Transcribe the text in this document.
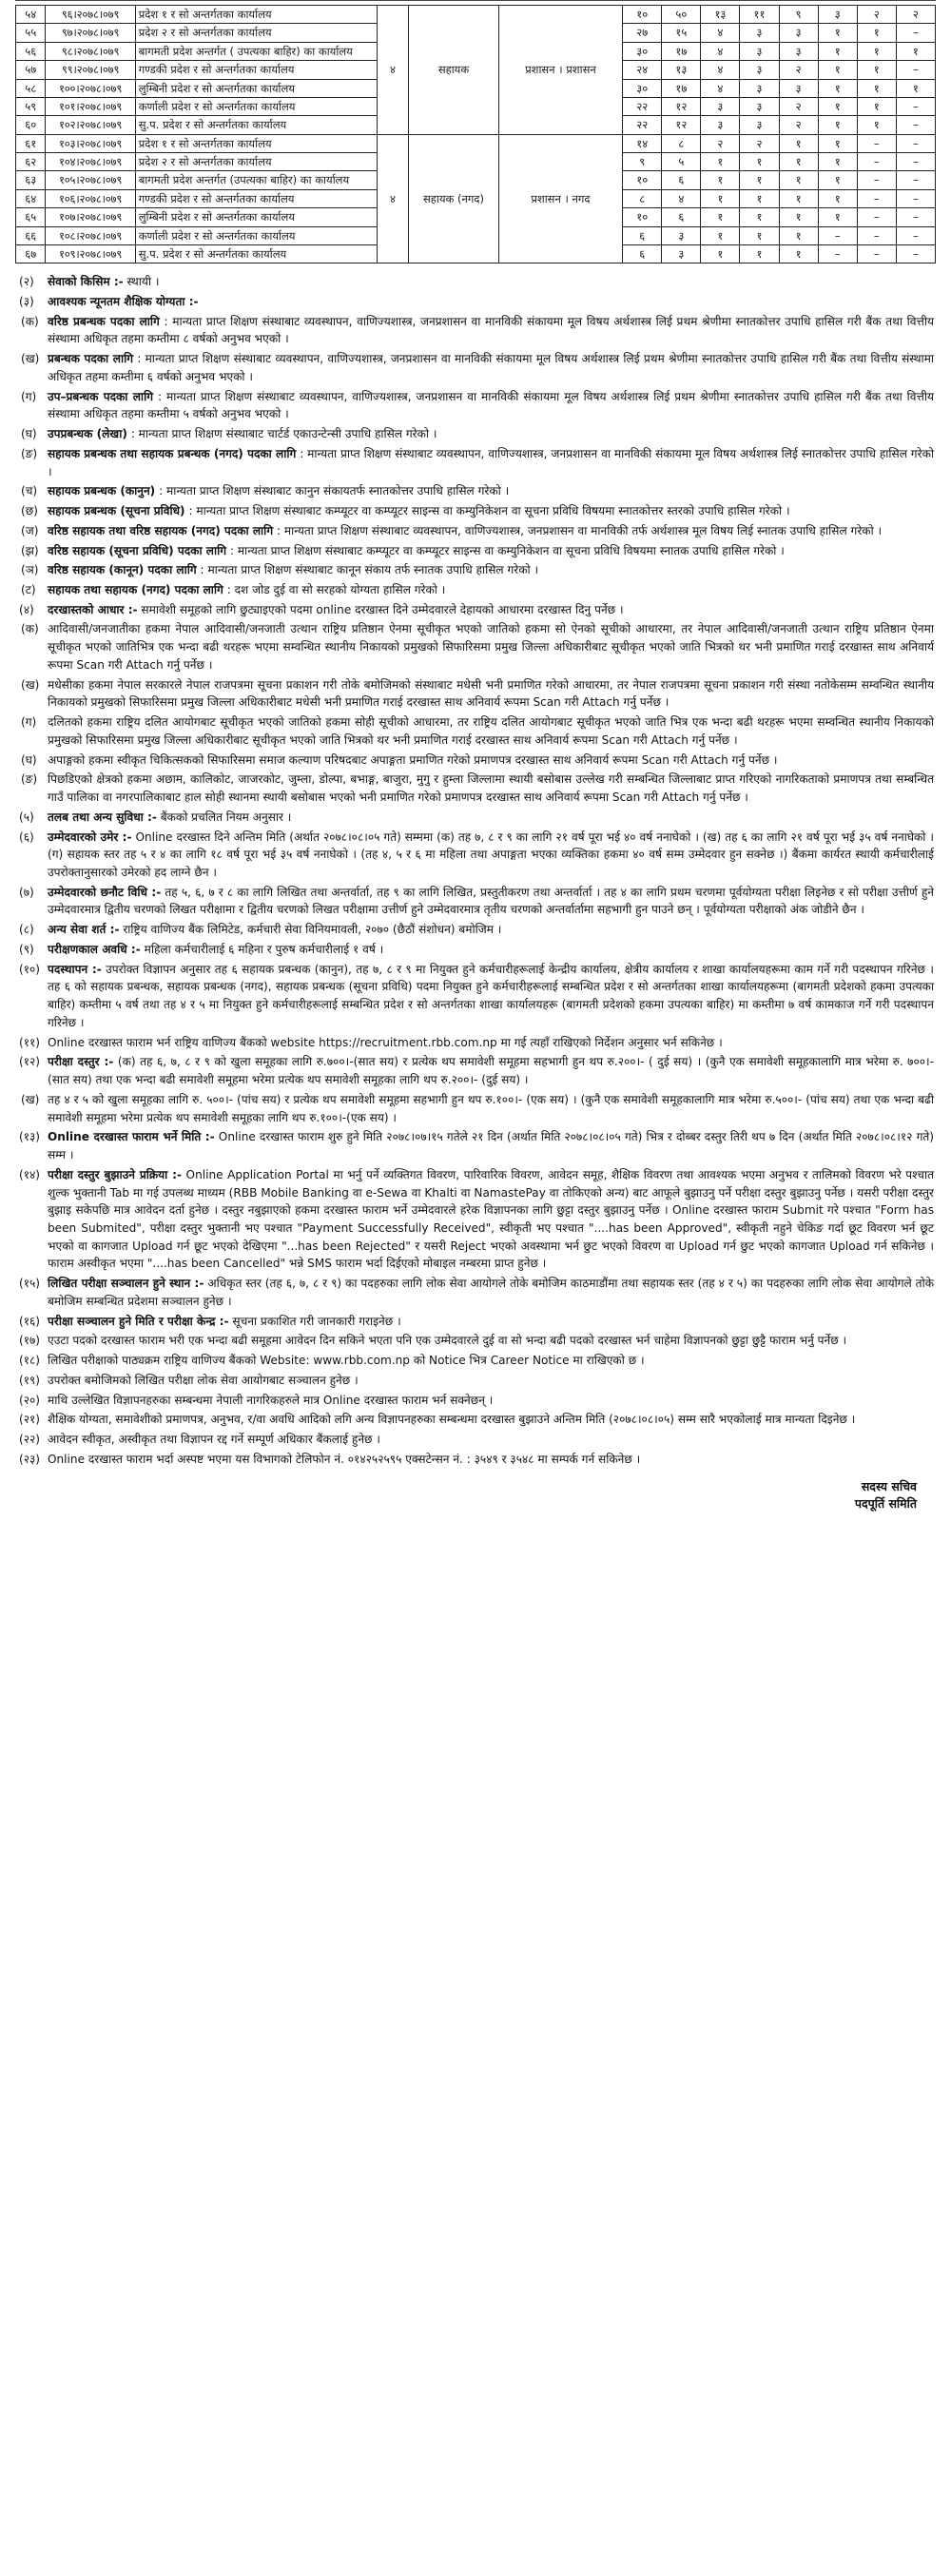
५४	९६।२०७८।०७९	प्रदेश १ र सो अन्तर्गतका कार्यालय	४	सहायक	प्रशासन । प्रशासन	१०	५०	१३	११	९	३	२	२
५५	९७।२०७८।०७९	प्रदेश २ र सो अन्तर्गतका कार्यालय				२७	१५	४	३	३	१	१	–
५६	९८।२०७८।०७९	बागमती प्रदेश अन्तर्गत ( उपत्यका बाहिर) का कार्यालय				३०	१७	४	३	३	१	१	१
५७	९९।२०७८।०७९	गण्डकी प्रदेश र सो अन्तर्गतका कार्यालय				२४	१३	४	३	२	१	१	–
५८	१००।२०७८।०७९	लुम्बिनी प्रदेश र सो अन्तर्गतका कार्यालय				३०	१७	४	३	३	१	१	१
५९	१०१।२०७८।०७९	कर्णाली प्रदेश र सो अन्तर्गतका कार्यालय				२२	१२	३	३	२	१	१	–
६०	१०२।२०७८।०७९	सु.प. प्रदेश र सो अन्तर्गतका कार्यालय				२२	१२	३	३	२	१	१	–
६१	१०३।२०७८।०७९	प्रदेश १ र सो अन्तर्गतका कार्यालय	४	सहायक (नगद)	प्रशासन । नगद	१४	८	२	२	१	१	–	–
६२	१०४।२०७८।०७९	प्रदेश २ र सो अन्तर्गतका कार्यालय				९	५	१	१	१	१	–	–
६३	१०५।२०७८।०७९	बागमती प्रदेश अन्तर्गत (उपत्यका बाहिर) का कार्यालय				१०	६	१	१	१	१	–	–
६४	१०६।२०७८।०७९	गण्डकी प्रदेश र सो अन्तर्गतका कार्यालय				८	४	१	१	१	१	–	–
६५	१०७।२०७८।०७९	लुम्बिनी प्रदेश र सो अन्तर्गतका कार्यालय				१०	६	१	१	१	१	–	–
६६	१०८।२०७८।०७९	कर्णाली प्रदेश र सो अन्तर्गतका कार्यालय				६	३	१	१	१	–	–	–
६७	१०९।२०७८।०७९	सु.प. प्रदेश र सो अन्तर्गतका कार्यालय				६	३	१	१	१	–	–	–
(२)	सेवाको किसिम :- स्थायी ।
(३)	आवश्यक न्यूनतम शैक्षिक योग्यता :-
(क) वरिष्ठ प्रबन्धक पदका लागि : मान्यता प्राप्त शिक्षण संस्थाबाट व्यवस्थापन, वाणिज्यशास्त्र, जनप्रशासन वा मानविकी संकायमा मूल विषय अर्थशास्त्र लिई प्रथम श्रेणीमा स्नातकोत्तर उपाधि हासिल गरी बैंक तथा वित्तीय संस्थामा अधिकृत तहमा कम्तीमा ८ वर्षको अनुभव भएको ।
(ख) प्रबन्धक पदका लागि : मान्यता प्राप्त शिक्षण संस्थाबाट व्यवस्थापन, वाणिज्यशास्त्र, जनप्रशासन वा मानविकी संकायमा मूल विषय अर्थशास्त्र लिई प्रथम श्रेणीमा स्नातकोत्तर उपाधि हासिल गरी बैंक तथा वित्तीय संस्थामा अधिकृत तहमा कम्तीमा ६ वर्षको अनुभव भएको ।
(ग) उप–प्रबन्धक पदका लागि : मान्यता प्राप्त शिक्षण संस्थाबाट व्यवस्थापन, वाणिज्यशास्त्र, जनप्रशासन वा मानविकी संकायमा मूल विषय अर्थशास्त्र लिई प्रथम श्रेणीमा स्नातकोत्तर उपाधि हासिल गरी बैंक तथा वित्तीय संस्थामा अधिकृत तहमा कम्तीमा ५ वर्षको अनुभव भएको ।
(घ) उपप्रबन्धक (लेखा) : मान्यता प्राप्त शिक्षण संस्थाबाट चार्टर्ड एकाउन्टेन्सी उपाधि हासिल गरेको ।
(ङ) सहायक प्रबन्धक तथा सहायक प्रबन्धक (नगद) पदका लागि : मान्यता प्राप्त शिक्षण संस्थाबाट व्यवस्थापन, वाणिज्यशास्त्र, जनप्रशासन वा मानविकी संकायमा मूल विषय अर्थशास्त्र लिई स्नातकोत्तर उपाधि हासिल गरेको ।
(च) सहायक प्रबन्धक (कानुन) : मान्यता प्राप्त शिक्षण संस्थाबाट कानुन संकायतर्फ स्नातकोत्तर उपाधि हासिल गरेको ।
(छ) सहायक प्रबन्धक (सूचना प्रविधि) : मान्यता प्राप्त शिक्षण संस्थाबाट कम्प्यूटर वा कम्प्यूटर साइन्स वा कम्युनिकेशन वा सूचना प्रविधि विषयमा स्नातकोत्तर स्तरको उपाधि हासिल गरेको ।
(ज) वरिष्ठ सहायक तथा वरिष्ठ सहायक (नगद) पदका लागि : मान्यता प्राप्त शिक्षण संस्थाबाट व्यवस्थापन, वाणिज्यशास्त्र, जनप्रशासन वा मानविकी तर्फ अर्थशास्त्र मूल विषय लिई स्नातक उपाधि हासिल गरेको ।
(झ) वरिष्ठ सहायक (सूचना प्रविधि) पदका लागि : मान्यता प्राप्त शिक्षण संस्थाबाट कम्प्यूटर वा कम्प्यूटर साइन्स वा कम्युनिकेशन वा सूचना प्रविधि विषयमा स्नातक उपाधि हासिल गरेको ।
(ञ) वरिष्ठ सहायक (कानून) पदका लागि : मान्यता प्राप्त शिक्षण संस्थाबाट कानून संकाय तर्फ स्नातक उपाधि हासिल गरेको ।
(ट)	सहायक तथा सहायक (नगद) पदका लागि : दश जोड दुई वा सो सरहको योग्यता हासिल गरेको ।
(४)	दरखास्तको आधार :- समावेशी समूहको लागि छुट्याइएको पदमा online दरखास्त दिने उम्मेदवारले देहायको आधारमा दरखास्त दिनु पर्नेछ ।
(क) आदिवासी/जनजातीका हकमा नेपाल आदिवासी/जनजाती उत्थान राष्ट्रिय प्रतिष्ठान ऐनमा सूचीकृत भएको जातिको हकमा सो ऐनको सूचीको आधारमा, तर नेपाल आदिवासी/जनजाती उत्थान राष्ट्रिय प्रतिष्ठान ऐनमा सूचीकृत भएको जातिभित्र एक भन्दा बढी थरहरू भएमा सम्वन्धित स्थानीय निकायको प्रमुखको सिफारिसमा प्रमुख जिल्ला अधिकारीबाट सूचीकृत भएको जाति भित्रको थर भनी प्रमाणित गराई दरखास्त साथ अनिवार्य रूपमा Scan गरी Attach गर्नु पर्नेछ ।
(ख) मधेसीका हकमा नेपाल सरकारले नेपाल राजपत्रमा सूचना प्रकाशन गरी तोके बमोजिमको संस्थाबाट मधेसी भनी प्रमाणित गरेको आधारमा, तर नेपाल राजपत्रमा सूचना प्रकाशन गरी संस्था नतोकेसम्म सम्वन्धित स्थानीय निकायको प्रमुखको सिफारिसमा प्रमुख जिल्ला अधिकारीबाट मधेसी भनी प्रमाणित गराई दरखास्त साथ अनिवार्य रूपमा Scan गरी Attach गर्नु पर्नेछ ।
(ग) दलितको हकमा राष्ट्रिय दलित आयोगबाट सूचीकृत भएको जातिको हकमा सोही सूचीको आधारमा, तर राष्ट्रिय दलित आयोगबाट सूचीकृत भएको जाति भित्र एक भन्दा बढी थरहरू भएमा सम्वन्धित स्थानीय निकायको प्रमुखको सिफारिसमा प्रमुख जिल्ला अधिकारीबाट सूचीकृत भएको जाति भित्रको थर भनी प्रमाणित गराई दरखास्त साथ अनिवार्य रूपमा Scan गरी Attach गर्नु पर्नेछ ।
(घ) अपाङ्गको हकमा स्वीकृत चिकित्सकको सिफारिसमा समाज कल्याण परिषदबाट अपाङ्गता प्रमाणित गरेको प्रमाणपत्र दरखास्त साथ अनिवार्य रूपमा Scan गरी Attach गर्नु पर्नेछ ।
(ङ) पिछडिएको क्षेत्रको हकमा अछाम, कालिकोट, जाजरकोट, जुम्ला, डोल्पा, बभाङ्ग, बाजुरा, मुगु र हुम्ला जिल्लामा स्थायी बसोबास उल्लेख गरी सम्बन्धित जिल्लाबाट प्राप्त गरिएको नागरिकताको प्रमाणपत्र तथा सम्बन्धित गाउँ पालिका वा नगरपालिकाबाट हाल सोही स्थानमा स्थायी बसोबास भएको भनी प्रमाणित गरेको प्रमाणपत्र दरखास्त साथ अनिवार्य रूपमा Scan गरी Attach गर्नु पर्नेछ ।
(५)	तलब तथा अन्य सुविधा :- बैंकको प्रचलित नियम अनुसार ।
(६)	उम्मेदवारको उमेर :- Online दरखास्त दिने अन्तिम मिति (अर्थात २०७८।०८।०५ गते) सम्ममा (क) तह ७, ८ र ९ का लागि २१ वर्ष पूरा भई ४० वर्ष ननाघेको । (ख) तह ६ का लागि २१ वर्ष पूरा भई ३५ वर्ष ननाघेको । (ग) सहायक स्तर तह ५ र ४ का लागि १८ वर्ष पूरा भई ३५ वर्ष ननाघेको । (तह ४, ५ र ६ मा महिला तथा अपाङ्गता भएका व्यक्तिका हकमा ४० वर्ष सम्म उम्मेदवार हुन सक्नेछ ।) बैंकमा कार्यरत स्थायी कर्मचारीलाई उपरोक्तानुसारको उमेरको हद लाग्ने छैन ।
(७)	उम्मेदवारको छनौट विधि :- तह ५, ६, ७ र ८ का लागि लिखित तथा अन्तर्वार्ता, तह ९ का लागि लिखित, प्रस्तुतीकरण तथा अन्तर्वार्ता । तह ४ का लागि प्रथम चरणमा पूर्वयोग्यता परीक्षा लिइनेछ र सो परीक्षा उत्तीर्ण हुने उम्मेदवारमात्र द्वितीय चरणको लिखत परीक्षामा र द्वितीय चरणको लिखत परीक्षामा उत्तीर्ण हुने उम्मेदवारमात्र तृतीय चरणको अन्तर्वार्तामा सहभागी हुन पाउने छन् । पूर्वयोग्यता परीक्षाको अंक जोडीने छैन ।
(८)	अन्य सेवा शर्त :- राष्ट्रिय वाणिज्य बैंक लिमिटेड, कर्मचारी सेवा विनियमावली, २०७० (छैठौं संशोधन) बमोजिम ।
(९)	परीक्षणकाल अवधि :- महिला कर्मचारीलाई ६ महिना र पुरुष कर्मचारीलाई १ वर्ष ।
(१०) पदस्थापन :- उपरोक्त विज्ञापन अनुसार तह ६ सहायक प्रबन्धक (कानुन), तह ७, ८ र ९ मा नियुक्त हुने कर्मचारीहरूलाई केन्द्रीय कार्यालय, क्षेत्रीय कार्यालय र शाखा कार्यालयहरूमा काम गर्ने गरी पदस्थापन गरिनेछ । तह ६ को सहायक प्रबन्धक, सहायक प्रबन्धक (नगद), सहायक प्रबन्धक (सूचना प्रविधि) पदमा नियुक्त हुने कर्मचारीहरूलाई सम्बन्धित प्रदेश र सो अन्तर्गतका शाखा कार्यालयहरूमा (बागमती प्रदेशको हकमा उपत्यका बाहिर) कम्तीमा ५ वर्ष तथा तह ४ र ५ मा नियुक्त हुने कर्मचारीहरूलाई सम्बन्धित प्रदेश र सो अन्तर्गतका शाखा कार्यालयहरू (बागमती प्रदेशको हकमा उपत्यका बाहिर) मा कम्तीमा ७ वर्ष कामकाज गर्ने गरी पदस्थापन गरिनेछ ।
(११) Online दरखास्त फाराम भर्न राष्ट्रिय वाणिज्य बैंकको website https://recruitment.rbb.com.np मा गई त्यहाँ राखिएको निर्देशन अनुसार भर्न सकिनेछ ।
(१२) परीक्षा दस्तुर :- (क) तह ६, ७, ८ र ९ को खुला समूहका लागि रु.७००।-(सात सय) र प्रत्येक थप समावेशी समूहमा सहभागी हुन थप रु.२००।- ( दुई सय) । (कुनै एक समावेशी समूहकालागि मात्र भरेमा रु. ७००।- (सात सय) तथा एक भन्दा बढी समावेशी समूहमा भरेमा प्रत्येक थप समावेशी समूहका लागि थप रु.२००।- (दुई सय) ।
(ख) तह ४ र ५ को खुला समूहका लागि रु. ५००।- (पांच सय) र प्रत्येक थप समावेशी समूहमा सहभागी हुन थप रु.१००।- (एक सय) । (कुनै एक समावेशी समूहकालागि मात्र भरेमा रु.५००।- (पांच सय) तथा एक भन्दा बढी समावेशी समूहमा भरेमा प्रत्येक थप समावेशी समूहका लागि थप रु.१००।-(एक सय) ।
(१३) Online दरखास्त फाराम भर्ने मिति :- Online दरखास्त फाराम शुरु हुने मिति २०७८।०७।१५ गतेले २१ दिन (अर्थात मिति २०७८।०८।०५ गते) भित्र र दोब्बर दस्तुर तिरी थप ७ दिन (अर्थात मिति २०७८।०८।१२ गते) सम्म ।
(१४) परीक्षा दस्तुर बुझाउने प्रक्रिया :- Online Application Portal मा भर्नु पर्ने व्यक्तिगत विवरण, पारिवारिक विवरण, आवेदन समूह, शैक्षिक विवरण तथा आवश्यक भएमा अनुभव र तालिमको विवरण भरे पश्चात शुल्क भुक्तानी Tab मा गई उपलब्ध माध्यम (RBB Mobile Banking वा e-Sewa वा Khalti वा NamastePay वा तोकिएको अन्य) बाट आफूले बुझाउनु पर्ने परीक्षा दस्तुर बुझाउनु पर्नेछ । यसरी परीक्षा दस्तुर बुझाइ सकेपछि मात्र आवेदन दर्ता हुनेछ । दस्तुर नबुझाएको हकमा दरखास्त फाराम भर्ने उम्मेदवारले हरेक विज्ञापनका लागि छुट्टा दस्तुर बुझाउनु पर्नेछ । Online दरखास्त फाराम Submit गरे पश्चात "Form has been Submited", परीक्षा दस्तुर भुक्तानी भए पश्चात "Payment Successfully Received", स्वीकृती भए पश्चात "....has been Approved", स्वीकृती नहुने चेकिङ गर्दा छूट विवरण भर्न छूट भएको वा कागजात Upload गर्न छूट भएको देखिएमा "...has been Rejected" र यसरी Reject भएको अवस्थामा भर्न छुट भएको विवरण वा Upload गर्न छुट भएको कागजात Upload गर्न सकिनेछ । फाराम अस्वीकृत भएमा "....has been Cancelled" भन्ने SMS फाराम भर्दा दिईएको मोबाइल नम्बरमा प्राप्त हुनेछ ।
(१५) लिखित परीक्षा सञ्चालन हुने स्थान :- अधिकृत स्तर (तह ६, ७, ८ र ९) का पदहरुका लागि लोक सेवा आयोगले तोके बमोजिम काठमाडौंमा तथा सहायक स्तर (तह ४ र ५) का पदहरुका लागि लोक सेवा आयोगले तोके बमोजिम सम्बन्धित प्रदेशमा सञ्चालन हुनेछ ।
(१६) परीक्षा सञ्चालन हुने मिति र परीक्षा केन्द्र :- सूचना प्रकाशित गरी जानकारी गराइनेछ ।
(१७) एउटा पदको दरखास्त फाराम भरी एक भन्दा बढी समूहमा आवेदन दिन सकिने भएता पनि एक उम्मेदवारले दुई वा सो भन्दा बढी पदको दरखास्त भर्न चाहेमा विज्ञापनको छुट्टा छुट्टै फाराम भर्नु पर्नेछ ।
(१८) लिखित परीक्षाको पाठ्यक्रम राष्ट्रिय वाणिज्य बैंकको Website: www.rbb.com.np को Notice भित्र Career Notice मा राखिएको छ ।
(१९) उपरोक्त बमोजिमको लिखित परीक्षा लोक सेवा आयोगबाट सञ्चालन हुनेछ ।
(२०) माथि उल्लेखित विज्ञापनहरुका सम्बन्धमा नेपाली नागरिकहरुले मात्र Online दरखास्त फाराम भर्न सक्नेछन् ।
(२१) शैक्षिक योग्यता, समावेशीको प्रमाणपत्र, अनुभव, र/वा अवधि आदिको लगि अन्य विज्ञापनहरुका सम्बन्धमा दरखास्त बुझाउने अन्तिम मिति (२०७८।०८।०५) सम्म सारै भएकोलाई मात्र मान्यता दिइनेछ ।
(२२) आवेदन स्वीकृत, अस्वीकृत तथा विज्ञापन रद्द गर्ने सम्पूर्ण अधिकार बैंकलाई हुनेछ ।
(२३) Online दरखास्त फाराम भर्दा अस्पष्ट भएमा यस विभागको टेलिफोन नं. ०१४२५२५९५ एक्सटेन्सन नं. : ३५४९ र ३५४८ मा सम्पर्क गर्न सकिनेछ ।
सदस्य सचिव
पदपूर्ति समिति
